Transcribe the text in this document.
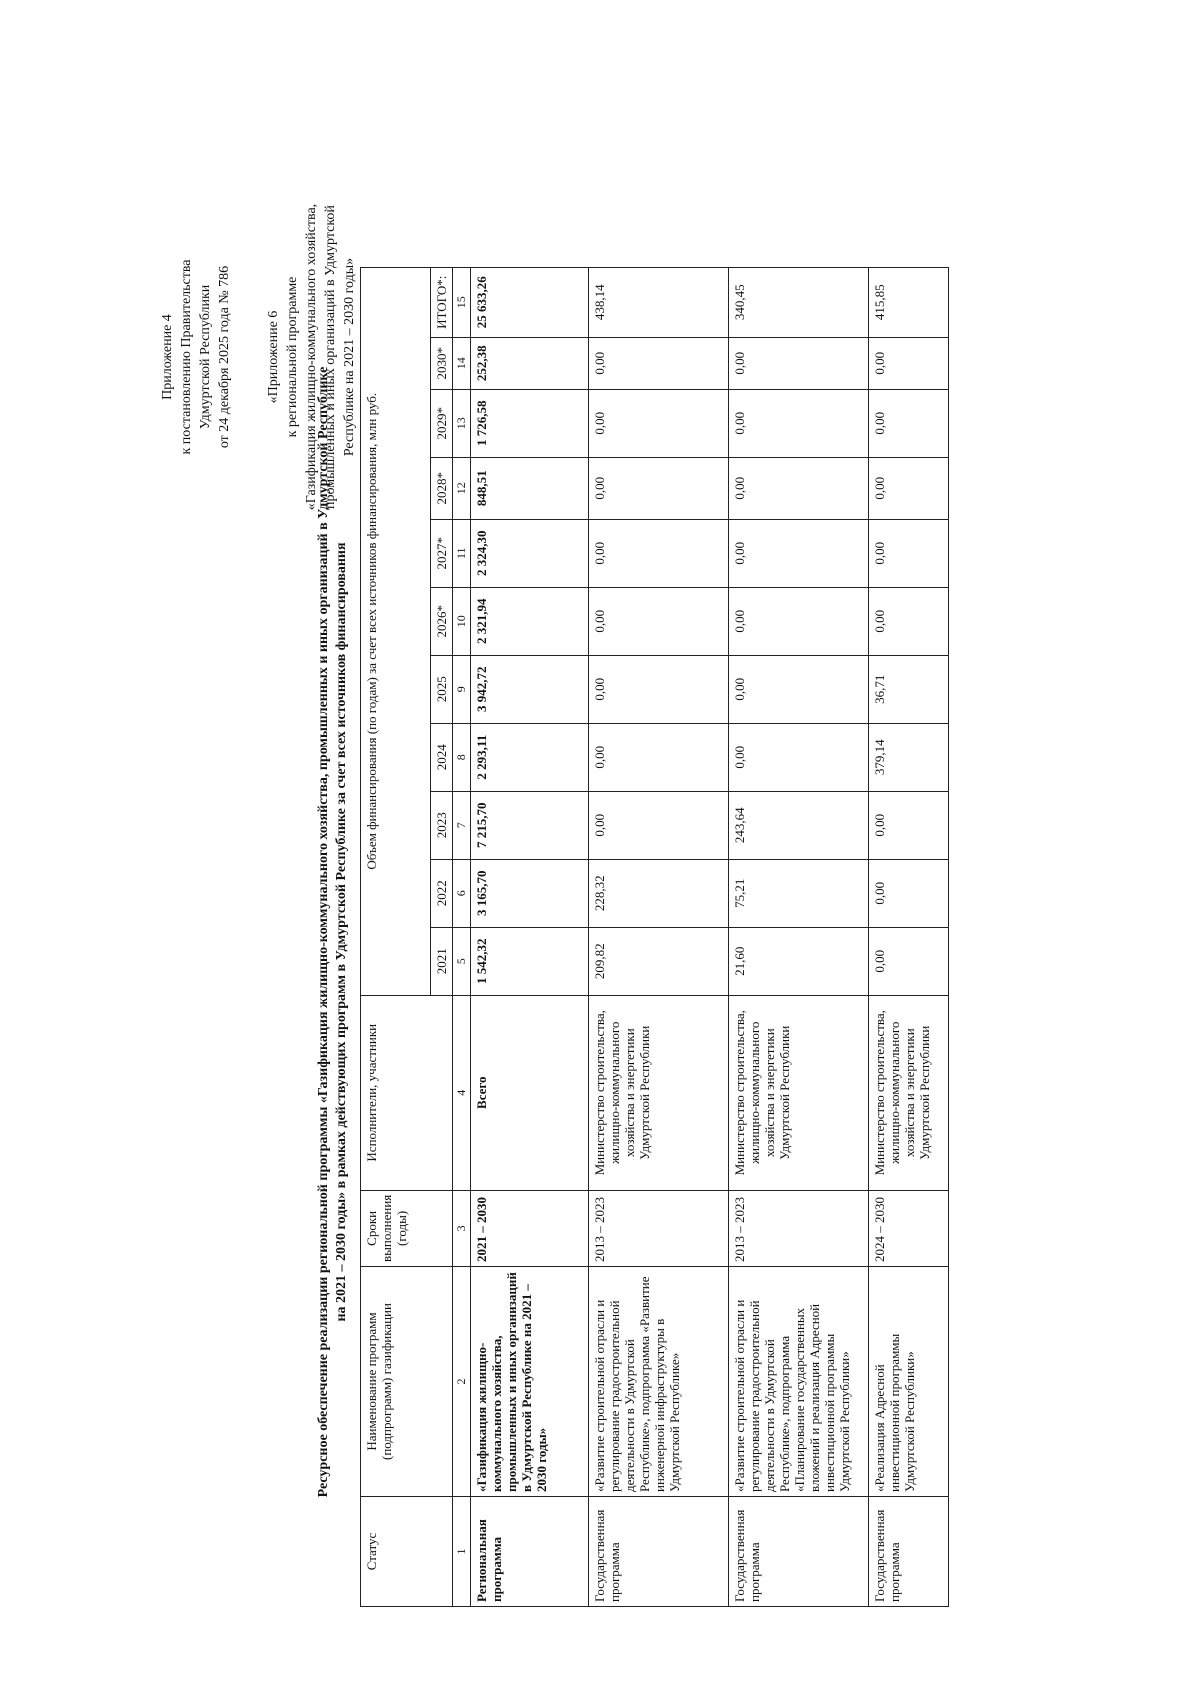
Приложение 4 к постановлению Правительства Удмуртской Республики от 24 декабря 2025 года № 786 «Приложение 6 к региональной программе «Газификация жилищно-коммунального хозяйства, промышленных и иных организаций в Удмуртской Республике на 2021 – 2030 годы»
Ресурсное обеспечение реализации региональной программы «Газификация жилищно-коммунального хозяйства, промышленных и иных организаций в Удмуртской Республике на 2021 – 2030 годы» в рамках действующих программ в Удмуртской Республике за счет всех источников финансирования
Статус	Наименование программ (подпрограмм) газификации	Сроки выполнения (годы)	Исполнители, участники	Объем финансирования (по годам) за счет всех источников финансирования, млн руб.										
				2021	2022	2023	2024	2025	2026*	2027*	2028*	2029*	2030*	ИТОГО*:
1	2	3	4	5	6	7	8	9	10	11	12	13	14	15
Региональная программа	«Газификация жилищно-коммунального хозяйства, промышленных и иных организаций в Удмуртской Республике на 2021 – 2030 годы»	2021 – 2030	Всего	1 542,32	3 165,70	7 215,70	2 293,11	3 942,72	2 321,94	2 324,30	848,51	1 726,58	252,38	25 633,26
Государственная программа	«Развитие строительной отрасли и регулирование градостроительной деятельности в Удмуртской Республике», подпрограмма «Развитие инженерной инфраструктуры в Удмуртской Республике»	2013 – 2023	Министерство строительства, жилищно-коммунального хозяйства и энергетики Удмуртской Республики	209,82	228,32	0,00	0,00	0,00	0,00	0,00	0,00	0,00	0,00	438,14
Государственная программа	«Развитие строительной отрасли и регулирование градостроительной деятельности в Удмуртской Республике», подпрограмма «Планирование государственных вложений и реализация Адресной инвестиционной программы Удмуртской Республики»	2013 – 2023	Министерство строительства, жилищно-коммунального хозяйства и энергетики Удмуртской Республики	21,60	75,21	243,64	0,00	0,00	0,00	0,00	0,00	0,00	0,00	340,45
Государственная программа	«Реализация Адресной инвестиционной программы Удмуртской Республики»	2024 – 2030	Министерство строительства, жилищно-коммунального хозяйства и энергетики Удмуртской Республики	0,00	0,00	0,00	379,14	36,71	0,00	0,00	0,00	0,00	0,00	415,85
